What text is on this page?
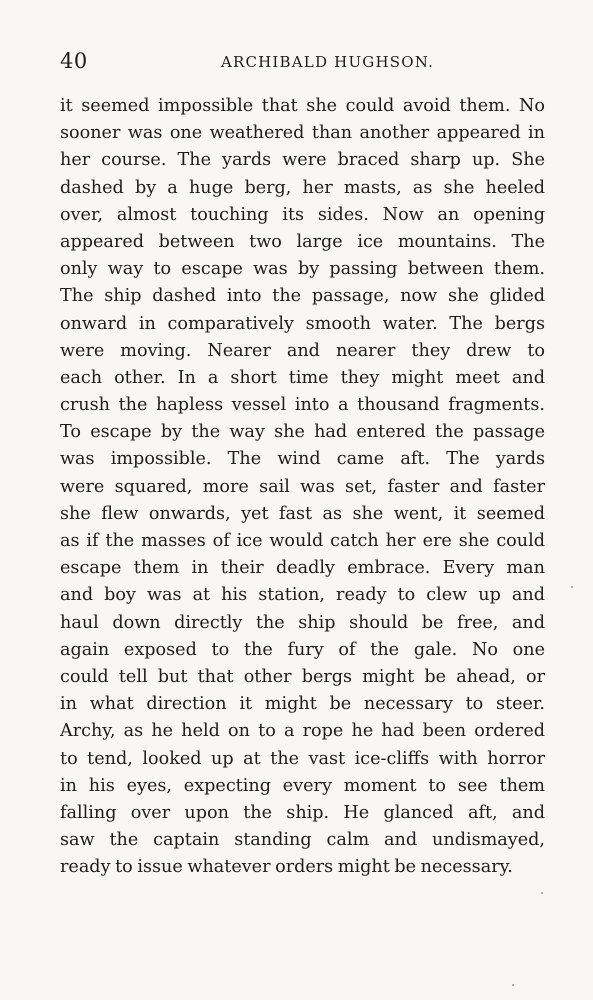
40	ARCHIBALD HUGHSON.
it seemed impossible that she could avoid them. No
sooner was one weathered than another appeared in
her course. The yards were braced sharp up. She
dashed by a huge berg, her masts, as she heeled
over, almost touching its sides. Now an opening
appeared between two large ice mountains. The
only way to escape was by passing between them.
The ship dashed into the passage, now she glided
onward in comparatively smooth water. The bergs
were moving. Nearer and nearer they drew to
each other. In a short time they might meet and
crush the hapless vessel into a thousand fragments.
To escape by the way she had entered the passage
was impossible. The wind came aft. The yards
were squared, more sail was set, faster and faster
she flew onwards, yet fast as she went, it seemed
as if the masses of ice would catch her ere she could
escape them in their deadly embrace. Every man
and boy was at his station, ready to clew up and
haul down directly the ship should be free, and
again exposed to the fury of the gale. No one
could tell but that other bergs might be ahead, or
in what direction it might be necessary to steer.
Archy, as he held on to a rope he had been ordered
to tend, looked up at the vast ice-cliffs with horror
in his eyes, expecting every moment to see them
falling over upon the ship. He glanced aft, and
saw the captain standing calm and undismayed,
ready to issue whatever orders might be necessary.
